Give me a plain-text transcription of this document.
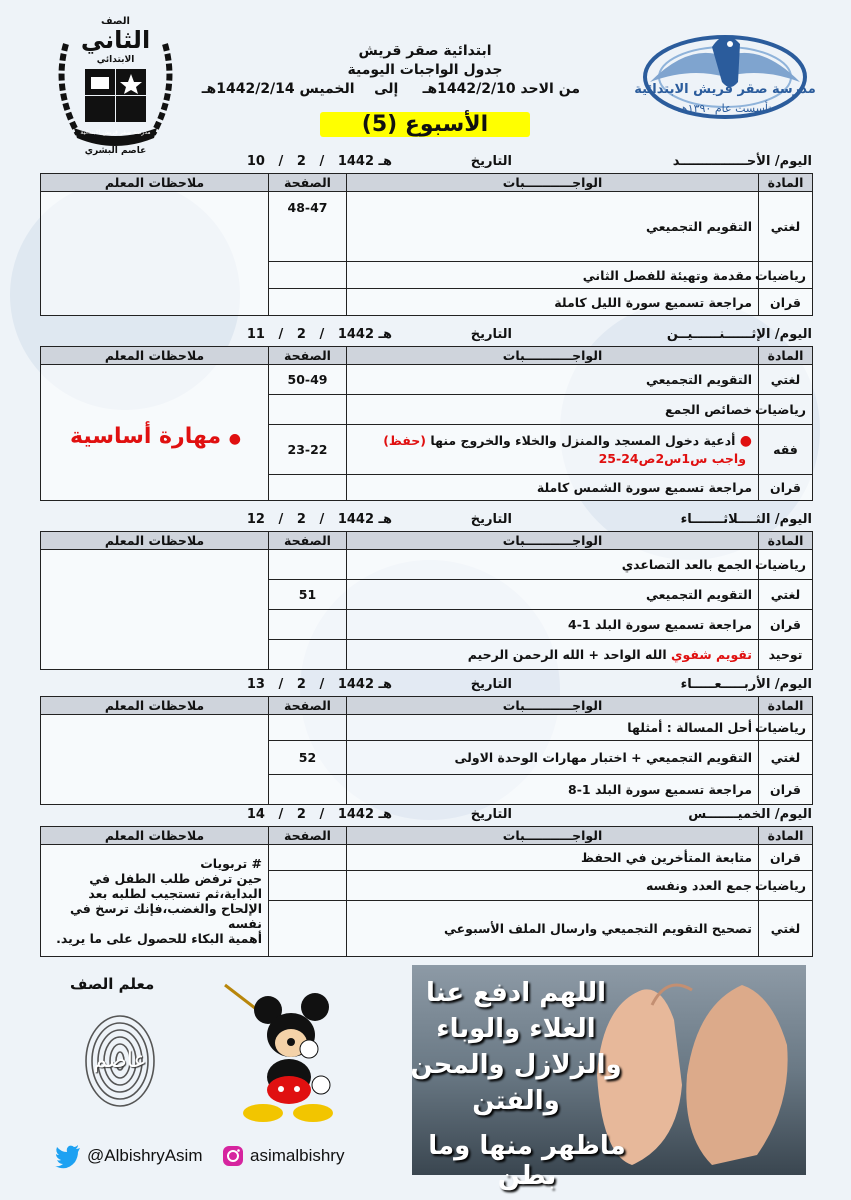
مدرسة صقر قريش الابتدائية
تأسست عام ١٣٩٠هـ
الصف
الثاني
الابتدائي
مدرسة صقر قريش الابتدائية
عاصم البشري
ابتدائية صقر قريش
جدول الواجبات اليومية
من الاحد 1442/2/10هـ     إلى    الخميس 1442/2/14هـ
الأسبوع (5)
اليوم/ الأحـــــــــــــــد
التاريخ
10   /   2   /   1442 هـ
المادة	الواجـــــــــــبات	الصفحة	ملاحظات المعلم
لغتي	التقويم التجميعي	48-47	
رياضيات	مقدمة وتهيئة للفصل الثاني		
قران	مراجعة تسميع سورة الليل كاملة		
اليوم/ الإثــــــنــــــيــن
التاريخ
11   /   2   /   1442 هـ
المادة	الواجـــــــــــبات	الصفحة	ملاحظات المعلم
لغتي	التقويم التجميعي	50-49	
رياضيات	خصائص الجمع		
فقه	● أدعية دخول المسجد والمنزل والخلاء والخروج منها (حفظ)
واجب س1س2ص24-25	23-22	
قران	مراجعة تسميع سورة الشمس كاملة		
● مهارة أساسية
اليوم/ الثــــلاثـــــــاء
التاريخ
12   /   2   /   1442 هـ
المادة	الواجـــــــــــبات	الصفحة	ملاحظات المعلم
رياضيات	الجمع بالعد التصاعدي		
لغتي	التقويم التجميعي	51	
قران	مراجعة تسميع سورة البلد 1-4		
توحيد	تقويم شفوي الله الواحد + الله الرحمن الرحيم		
اليوم/ الأربـــــعـــــاء
التاريخ
13   /   2   /   1442 هـ
المادة	الواجـــــــــــبات	الصفحة	ملاحظات المعلم
رياضيات	أحل المسالة : أمثلها		
لغتي	التقويم التجميعي + اختبار مهارات الوحدة الاولى	52	
قران	مراجعة تسميع سورة البلد 1-8		
اليوم/ الخميـــــــس
التاريخ
14   /   2   /   1442 هـ
المادة	الواجـــــــــــبات	الصفحة	ملاحظات المعلم
قران	متابعة المتأخرين في الحفظ		# تربويات
حين ترفض طلب الطفل في البداية،ثم تستجيب لطلبه بعد الإلحاح والغضب،فإنك ترسخ في نفسه
أهمية البكاء للحصول على ما يريد.

رياضيات	جمع العدد ونفسه		
لغتي	تصحيح التقويم التجميعي وارسال الملف الأسبوعي		
معلم الصف
عاصم
@AlbishryAsim	asimalbishry
اللهم ادفع عنا
الغلاء والوباء
والزلازل والمحن
والفتن
ماظهر منها وما بطن
